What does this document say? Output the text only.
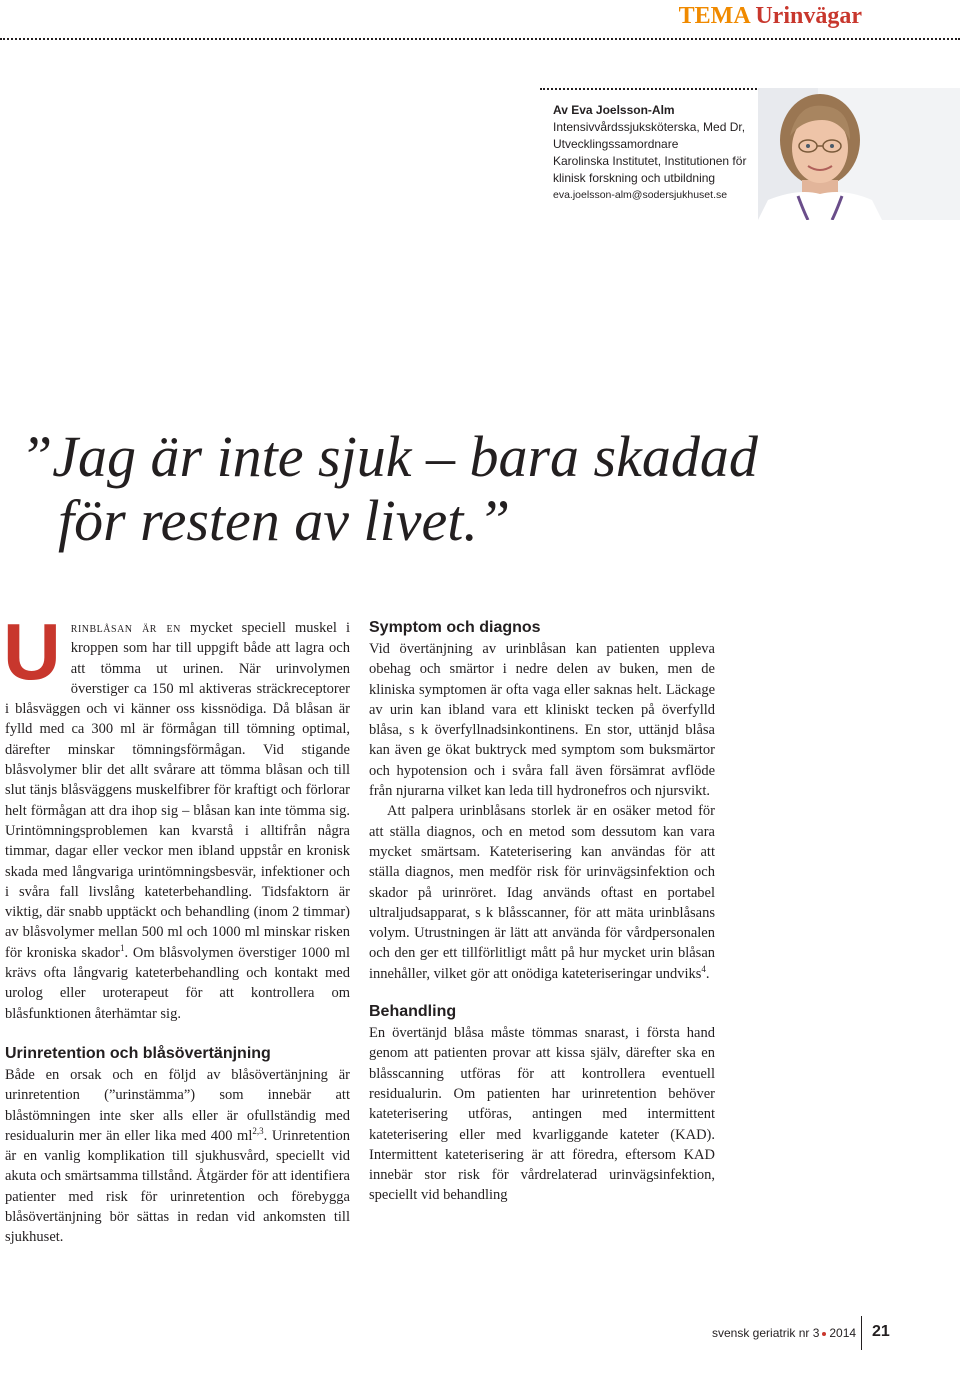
TEMA Urinvägar
Av Eva Joelsson-Alm
Intensivvårdssjuksköterska, Med Dr,
Utvecklingssamordnare
Karolinska Institutet, Institutionen för
klinisk forskning och utbildning
eva.joelsson-alm@sodersjukhuset.se
”Jag är inte sjuk – bara skadad
för resten av livet.”

Urinblåsan är en mycket speciell muskel i kroppen som har till uppgift både att lagra och att tömma ut urinen. När urinvolymen överstiger ca 150 ml aktiveras sträckreceptorer i blåsväggen och vi känner oss kissnödiga. Då blåsan är fylld med ca 300 ml är förmågan till tömning optimal, därefter minskar tömningsförmågan. Vid stigande blåsvolymer blir det allt svårare att tömma blåsan och till slut tänjs blåsväggens muskelfibrer för kraftigt och förlorar helt förmågan att dra ihop sig – blåsan kan inte tömma sig. Urintömningsproblemen kan kvarstå i alltifrån några timmar, dagar eller veckor men ibland uppstår en kronisk skada med långvariga urintömningsbesvär, infektioner och i svåra fall livslång kateterbehandling. Tidsfaktorn är viktig, där snabb upptäckt och behandling (inom 2 timmar) av blåsvolymer mellan 500 ml och 1000 ml minskar risken för kroniska skador$^1$. Om blåsvolymen överstiger 1000 ml krävs ofta långvarig kateterbehandling och kontakt med urolog eller uroterapeut för att kontrollera om blåsfunktionen återhämtar sig.

Urinretention och blåsövertänjning

Både en orsak och en följd av blåsövertänjning är urinretention (”urinstämma”) som innebär att blåstömningen inte sker alls eller är ofullständig med residualurin mer än eller lika med 400 ml$^{2,3}$. Urinretention är en vanlig komplikation till sjukhusvård, speciellt vid akuta och smärtsamma tillstånd. Åtgärder för att identifiera patienter med risk för urinretention och förebygga blåsövertänjning bör sättas in redan vid ankomsten till sjukhuset.

Symptom och diagnos

Vid övertänjning av urinblåsan kan patienten uppleva obehag och smärtor i nedre delen av buken, men de kliniska symptomen är ofta vaga eller saknas helt. Läckage av urin kan ibland vara ett kliniskt tecken på överfylld blåsa, s k överfyllnadsinkontinens. En stor, uttänjd blåsa kan även ge ökat buktryck med symptom som buksmärtor och hypotension och i svåra fall även försämrat avflöde från njurarna vilket kan leda till hydronefros och njursvikt.

Att palpera urinblåsans storlek är en osäker metod för att ställa diagnos, och en metod som dessutom kan vara mycket smärtsam. Kateterisering kan användas för att ställa diagnos, men medför risk för urinvägsinfektion och skador på urinröret. Idag används oftast en portabel ultraljudsapparat, s k blåsscanner, för att mäta urinblåsans volym. Utrustningen är lätt att använda för vårdpersonalen och den ger ett tillförlitligt mått på hur mycket urin blåsan innehåller, vilket gör att onödiga kateteriseringar undviks$^4$.

Behandling

En övertänjd blåsa måste tömmas snarast, i första hand genom att patienten provar att kissa själv, därefter ska en blåsscanning utföras för att kontrollera eventuell residualurin. Om patienten har urinretention behöver kateterisering utföras, antingen med intermittent kateterisering eller med kvarliggande kateter (KAD). Intermittent kateterisering är att föredra, eftersom KAD innebär stor risk för vårdrelaterad urinvägsinfektion, speciellt vid behandling

svensk geriatrik nr 3 2014 21
